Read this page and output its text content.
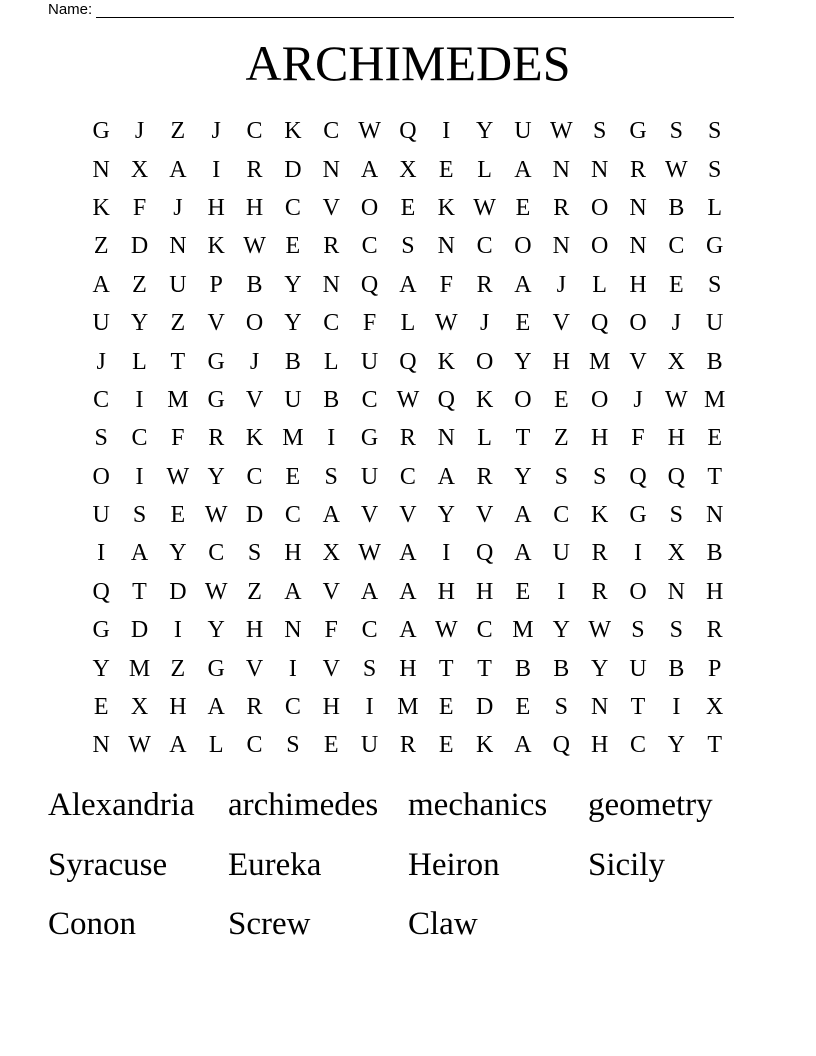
Name:
ARCHIMEDES
G	J	Z	J	C K C W Q	I	Y U W S G S	S
N X A	I	R D N A X E L A N N R W S
K F	J	H H C V O E K W E R O N B L
Z D N K W E R C S N C O N O N C G
A Z U P B Y N Q A F R A	J	L H E	S
U Y Z V O Y C F	L W J	E V Q O	J	U
J	L T G	J	B L U Q K O Y H M V X B
C	I M G V U B C W Q K O E O	J W M
S C F R K M I	G R N L T Z H F H E
O	I W Y C E	S U C A R Y S	S Q Q T
U S	E W D C A V V Y V A C K G S N
I	A Y C S H X W A	I	Q A U R	I	X B
Q T D W Z A V A A H H E	I	R O N H
G D	I	Y H N F C A W C M Y W S	S R
Y M Z G V	I	V S H T T B B Y U B P
E X H A R C H	I M E D E	S N T	I	X
N W A L C S	E U R E K A Q H C Y T
Alexandria	archimedes mechanics	geometry
Syracuse	Eureka	Heiron	Sicily
Conon	Screw	Claw
